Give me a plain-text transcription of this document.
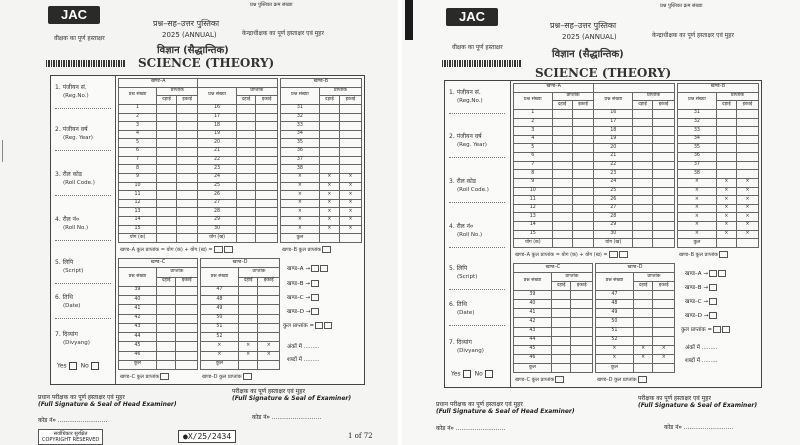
JAC
प्रश्न पुस्तिका क्रम संख्या
प्रश्न–सह–उत्तर पुस्तिका
वीक्षक का पूर्ण हस्ताक्षर	2025 (ANNUAL)	केन्द्राधीक्षक का पूर्ण हस्ताक्षर एवं मुहर
विज्ञान (सैद्धान्तिक)
SCIENCE (THEORY)
1. पंजीयन सं.
(Reg.No.)
2. पंजीयन वर्ष
(Reg. Year)
3. रौल कोड
(Roll Code.)
4. रौल नं०
(Roll No.)
5. लिपि
(Script)
6. तिथि
(Date)
7. दिव्यांग
(Divyang)
Yes No
खण्ड–A					
प्रश्न संख्या	प्राप्तांक		प्रश्न संख्या	प्राप्तांक	
	दहाई	इकाई		दहाई	इकाई
1			16		
2			17		
3			18		
4			19		
5			20		
6			21		
7			22		
8			23		
9			24		
10			25		
11			26		
12			27		
13			28		
14			29		
15			30		
योग (क)			योग (ख)		
खण्ड–B		
प्रश्न संख्या	प्राप्तांक	
	दहाई	इकाई
31		
32		
33		
34		
35		
36		
37		
38		
×	×	×
×	×	×
×	×	×
×	×	×
×	×	×
×	×	×
×	×	×
कुल		
खण्ड–A कुल प्राप्तांक = योग (क) + योग (ख) =	खण्ड–B कुल प्राप्तांक
खण्ड–C		
प्रश्न संख्या	प्राप्तांक	
	दहाई	इकाई
39		
40		
41		
42		
43		
44		
45		
46		
कुल		
खण्ड–D		
प्रश्न संख्या	प्राप्तांक	
	दहाई	इकाई
47		
48		
49		
50		
51		
52		
×	×	×
×	×	×
कुल		
खण्ड–A →
खण्ड–B →
खण्ड–C →
खण्ड–D →
कुल प्राप्तांक =
अंकों में .........
शब्दों में .........
खण्ड–C कुल प्राप्तांक	खण्ड–D कुल प्राप्तांक
प्रधान परीक्षक का पूर्ण हस्ताक्षर एवं मुहर
(Full Signature & Seal of Head Examiner)
परीक्षक का पूर्ण हस्ताक्षर एवं मुहर
(Full Signature & Seal of Examiner)
कोड नं० ..........................	कोड नं० ..........................
सर्वाधिकार सुरक्षित
COPYRIGHT RESERVED	●X/25/2434	1 of 72
JAC
प्रश्न पुस्तिका क्रम संख्या
प्रश्न–सह–उत्तर पुस्तिका
वीक्षक का पूर्ण हस्ताक्षर
2025 (ANNUAL)	केन्द्राधीक्षक का पूर्ण हस्ताक्षर एवं मुहर
विज्ञान (सैद्धान्तिक)
SCIENCE (THEORY)
1. पंजीयन सं.
(Reg.No.)
2. पंजीयन वर्ष
(Reg. Year)
3. रौल कोड
(Roll Code.)
4. रौल नं०
(Roll No.)
5. लिपि
(Script)
6. तिथि
(Date)
7. दिव्यांग
(Divyang)
Yes No
खण्ड–A					
प्रश्न संख्या	प्राप्तांक		प्रश्न संख्या	प्राप्तांक	
	दहाई	इकाई		दहाई	इकाई
1			16		
2			17		
3			18		
4			19		
5			20		
6			21		
7			22		
8			23		
9			24		
10			25		
11			26		
12			27		
13			28		
14			29		
15			30		
योग (क)			योग (ख)		
खण्ड–B		
प्रश्न संख्या	प्राप्तांक	
	दहाई	इकाई
31		
32		
33		
34		
35		
36		
37		
38		
×	×	×
×	×	×
×	×	×
×	×	×
×	×	×
×	×	×
×	×	×
कुल		
खण्ड–A कुल प्राप्तांक = योग (क) + योग (ख) =	खण्ड–B कुल प्राप्तांक
खण्ड–C		
प्रश्न संख्या	प्राप्तांक	
	दहाई	इकाई
39		
40		
41		
42		
43		
44		
45		
46		
कुल		
खण्ड–D		
प्रश्न संख्या	प्राप्तांक	
	दहाई	इकाई
47		
48		
49		
50		
51		
52		
×	×	×
×	×	×
कुल		
खण्ड–A →
खण्ड–B →
खण्ड–C →
खण्ड–D →
कुल प्राप्तांक =
अंकों में .........
शब्दों में .........
खण्ड–C कुल प्राप्तांक	खण्ड–D कुल प्राप्तांक
प्रधान परीक्षक का पूर्ण हस्ताक्षर एवं मुहर
(Full Signature & Seal of Head Examiner)
परीक्षक का पूर्ण हस्ताक्षर एवं मुहर
(Full Signature & Seal of Examiner)
कोड नं० ..........................	कोड नं० ..........................
